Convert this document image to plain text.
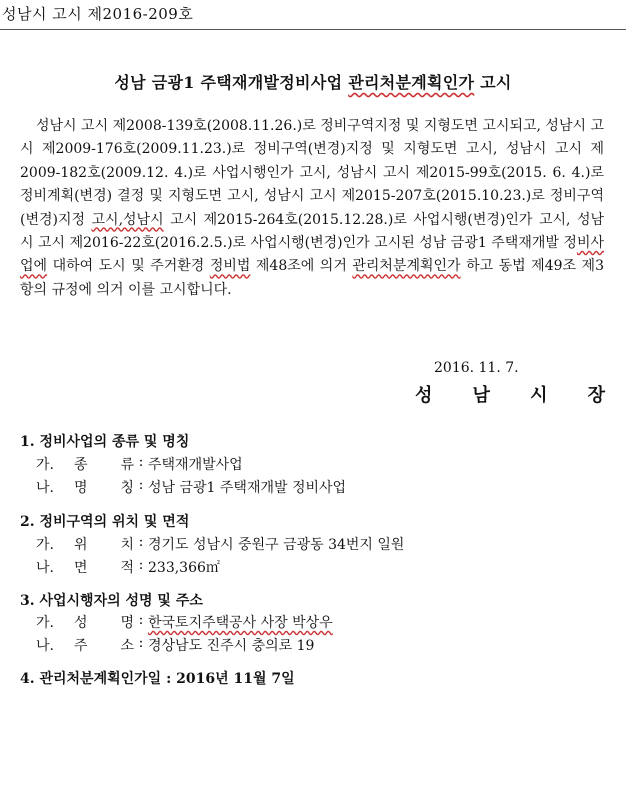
성남시 고시 제2016-209호
성남 금광1 주택재개발정비사업 관리처분계획인가 고시
성남시 고시 제2008-139호(2008.11.26.)로 정비구역지정 및 지형도면 고시되고, 성남시 고시 제2009-176호(2009.11.23.)로 정비구역(변경)지정 및 지형도면 고시, 성남시 고시 제2009-182호(2009.12. 4.)로 사업시행인가 고시, 성남시 고시 제2015-99호(2015. 6. 4.)로 정비계획(변경) 결정 및 지형도면 고시, 성남시 고시 제2015-207호(2015.10.23.)로 정비구역(변경)지정 고시,성남시 고시 제2015-264호(2015.12.28.)로 사업시행(변경)인가 고시, 성남시 고시 제2016-22호(2016.2.5.)로 사업시행(변경)인가 고시된 성남 금광1 주택재개발 정비사업에 대하여 도시 및 주거환경 정비법 제48조에 의거 관리처분계획인가 하고 동법 제49조 제3항의 규정에 의거 이를 고시합니다.
2016. 11. 7.
성 남 시 장
1. 정비사업의 종류 및 명칭
가.	종 류 : 주택재개발사업
나.	명 칭 : 성남 금광1 주택재개발 정비사업
2. 정비구역의 위치 및 면적
가.	위 치 : 경기도 성남시 중원구 금광동 34번지 일원
나.	면 적 : 233,366㎡
3. 사업시행자의 성명 및 주소
가.	성 명 : 한국토지주택공사 사장 박상우
나.	주 소 : 경상남도 진주시 충의로 19
4. 관리처분계획인가일 : 2016년 11월 7일
